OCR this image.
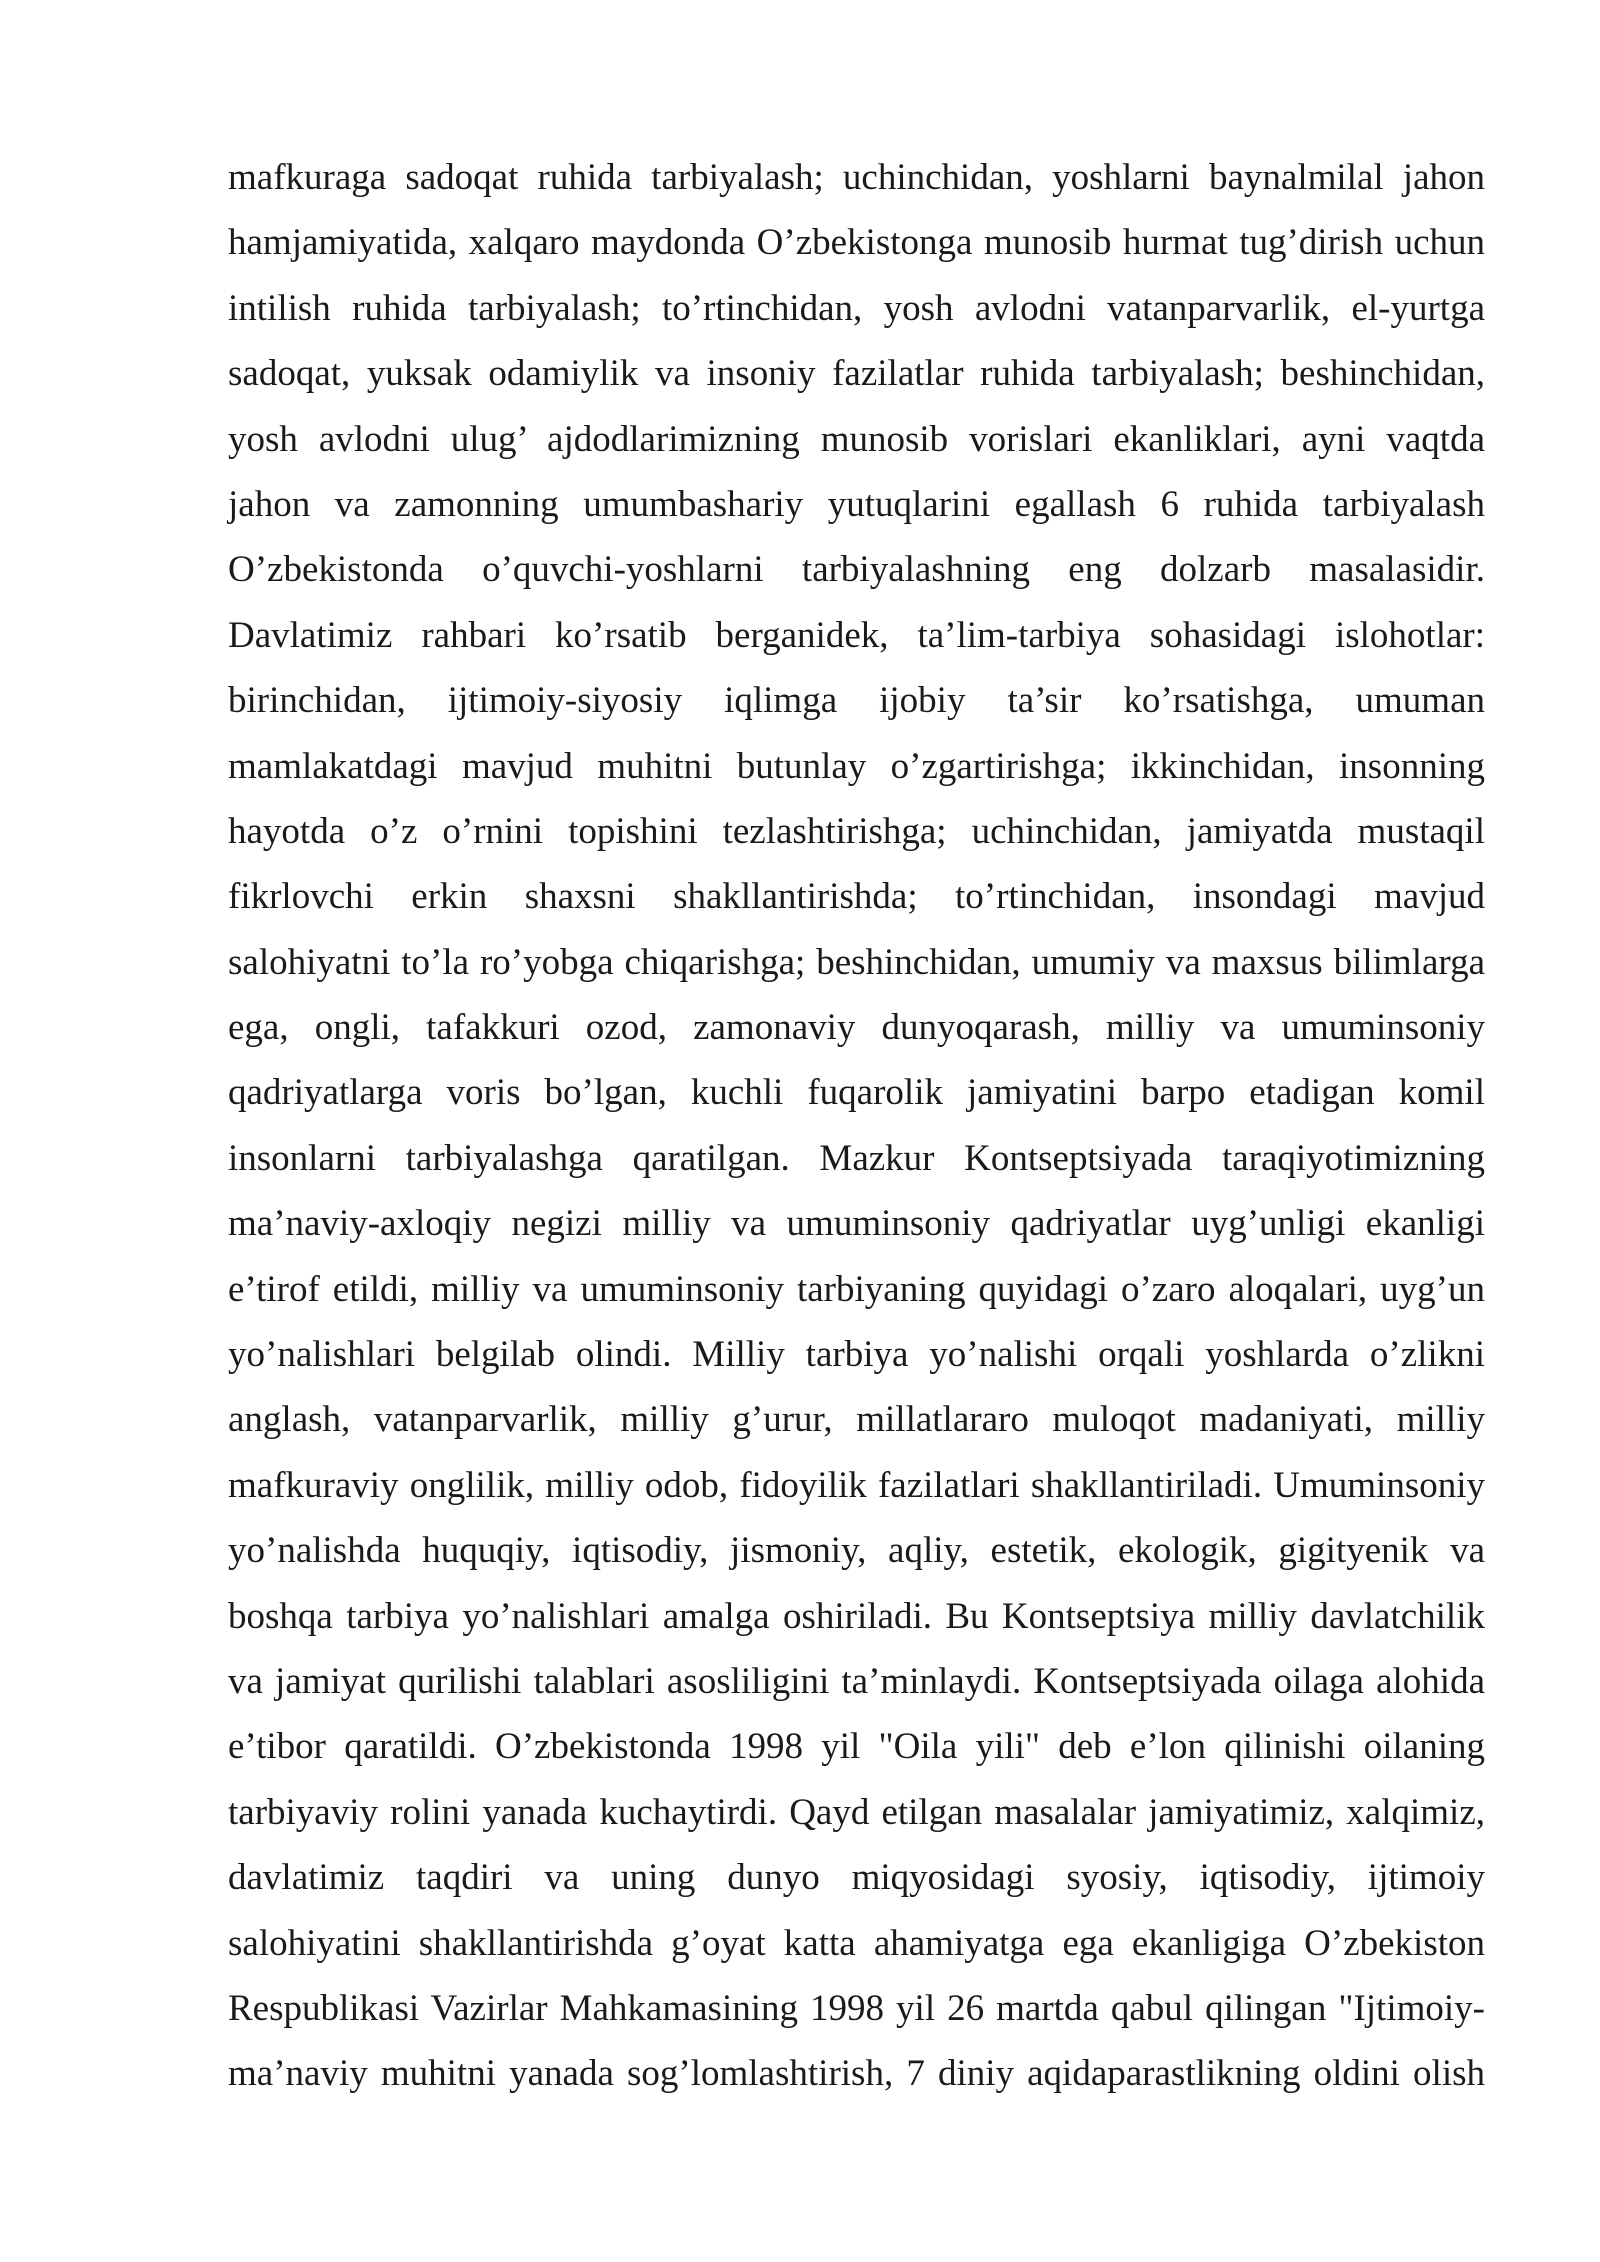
mafkuraga sadoqat ruhida tarbiyalash; uchinchidan, yoshlarni baynalmilal jahon
hamjamiyatida, xalqaro maydonda O’zbekistonga munosib hurmat tug’dirish uchun
intilish ruhida tarbiyalash; to’rtinchidan, yosh avlodni vatanparvarlik, el-yurtga
sadoqat, yuksak odamiylik va insoniy fazilatlar ruhida tarbiyalash; beshinchidan,
yosh avlodni ulug’ ajdodlarimizning munosib vorislari ekanliklari, ayni vaqtda
jahon va zamonning umumbashariy yutuqlarini egallash 6 ruhida tarbiyalash
O’zbekistonda o’quvchi-yoshlarni tarbiyalashning eng dolzarb masalasidir.
Davlatimiz rahbari ko’rsatib berganidek, ta’lim-tarbiya sohasidagi islohotlar:
birinchidan, ijtimoiy-siyosiy iqlimga ijobiy ta’sir ko’rsatishga, umuman
mamlakatdagi mavjud muhitni butunlay o’zgartirishga; ikkinchidan, insonning
hayotda o’z o’rnini topishini tezlashtirishga; uchinchidan, jamiyatda mustaqil
fikrlovchi erkin shaxsni shakllantirishda; to’rtinchidan, insondagi mavjud
salohiyatni to’la ro’yobga chiqarishga; beshinchidan, umumiy va maxsus bilimlarga
ega, ongli, tafakkuri ozod, zamonaviy dunyoqarash, milliy va umuminsoniy
qadriyatlarga voris bo’lgan, kuchli fuqarolik jamiyatini barpo etadigan komil
insonlarni tarbiyalashga qaratilgan. Mazkur Kontseptsiyada taraqiyotimizning
ma’naviy-axloqiy negizi milliy va umuminsoniy qadriyatlar uyg’unligi ekanligi
e’tirof etildi, milliy va umuminsoniy tarbiyaning quyidagi o’zaro aloqalari, uyg’un
yo’nalishlari belgilab olindi. Milliy tarbiya yo’nalishi orqali yoshlarda o’zlikni
anglash, vatanparvarlik, milliy g’urur, millatlararo muloqot madaniyati, milliy
mafkuraviy onglilik, milliy odob, fidoyilik fazilatlari shakllantiriladi. Umuminsoniy
yo’nalishda huquqiy, iqtisodiy, jismoniy, aqliy, estetik, ekologik, gigityenik va
boshqa tarbiya yo’nalishlari amalga oshiriladi. Bu Kontseptsiya milliy davlatchilik
va jamiyat qurilishi talablari asosliligini ta’minlaydi. Kontseptsiyada oilaga alohida
e’tibor qaratildi. O’zbekistonda 1998 yil "Oila yili" deb e’lon qilinishi oilaning
tarbiyaviy rolini yanada kuchaytirdi. Qayd etilgan masalalar jamiyatimiz, xalqimiz,
davlatimiz taqdiri va uning dunyo miqyosidagi syosiy, iqtisodiy, ijtimoiy
salohiyatini shakllantirishda g’oyat katta ahamiyatga ega ekanligiga O’zbekiston
Respublikasi Vazirlar Mahkamasining 1998 yil 26 martda qabul qilingan "Ijtimoiy-
ma’naviy muhitni yanada sog’lomlashtirish, 7 diniy aqidaparastlikning oldini olish
